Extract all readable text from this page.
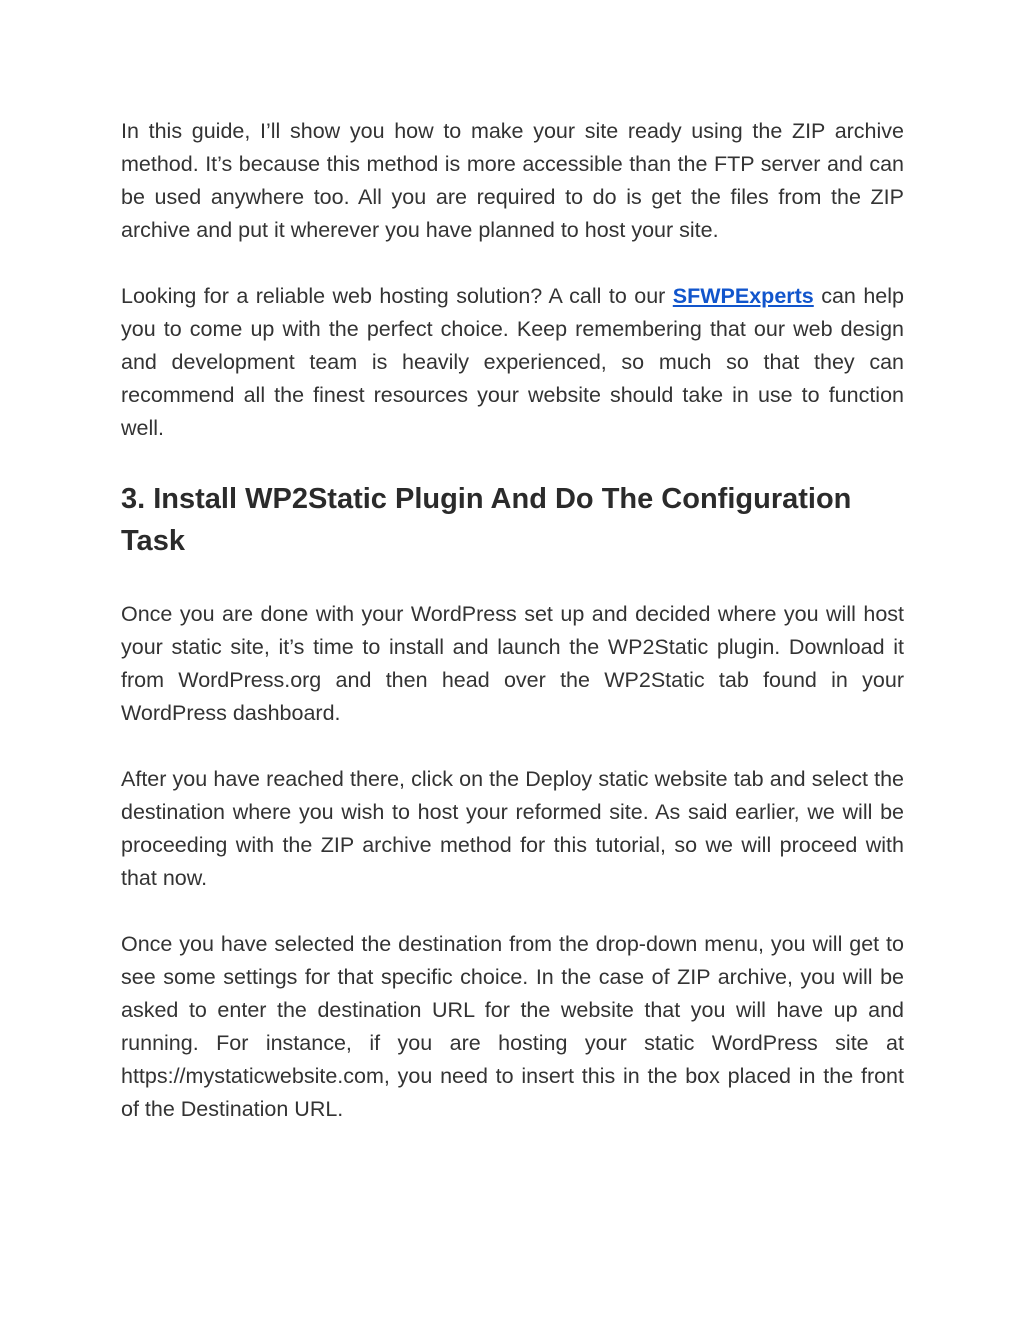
In this guide, I’ll show you how to make your site ready using the ZIP archive method. It’s because this method is more accessible than the FTP server and can be used anywhere too. All you are required to do is get the files from the ZIP archive and put it wherever you have planned to host your site.

Looking for a reliable web hosting solution? A call to our SFWPExperts can help you to come up with the perfect choice. Keep remembering that our web design and development team is heavily experienced, so much so that they can recommend all the finest resources your website should take in use to function well.

3. Install WP2Static Plugin And Do The Configuration Task

Once you are done with your WordPress set up and decided where you will host your static site, it’s time to install and launch the WP2Static plugin. Download it from WordPress.org and then head over the WP2Static tab found in your WordPress dashboard.

After you have reached there, click on the Deploy static website tab and select the destination where you wish to host your reformed site. As said earlier, we will be proceeding with the ZIP archive method for this tutorial, so we will proceed with that now.

Once you have selected the destination from the drop-down menu, you will get to see some settings for that specific choice. In the case of ZIP archive, you will be asked to enter the destination URL for the website that you will have up and running. For instance, if you are hosting your static WordPress site at https://mystaticwebsite.com, you need to insert this in the box placed in the front of the Destination URL.
